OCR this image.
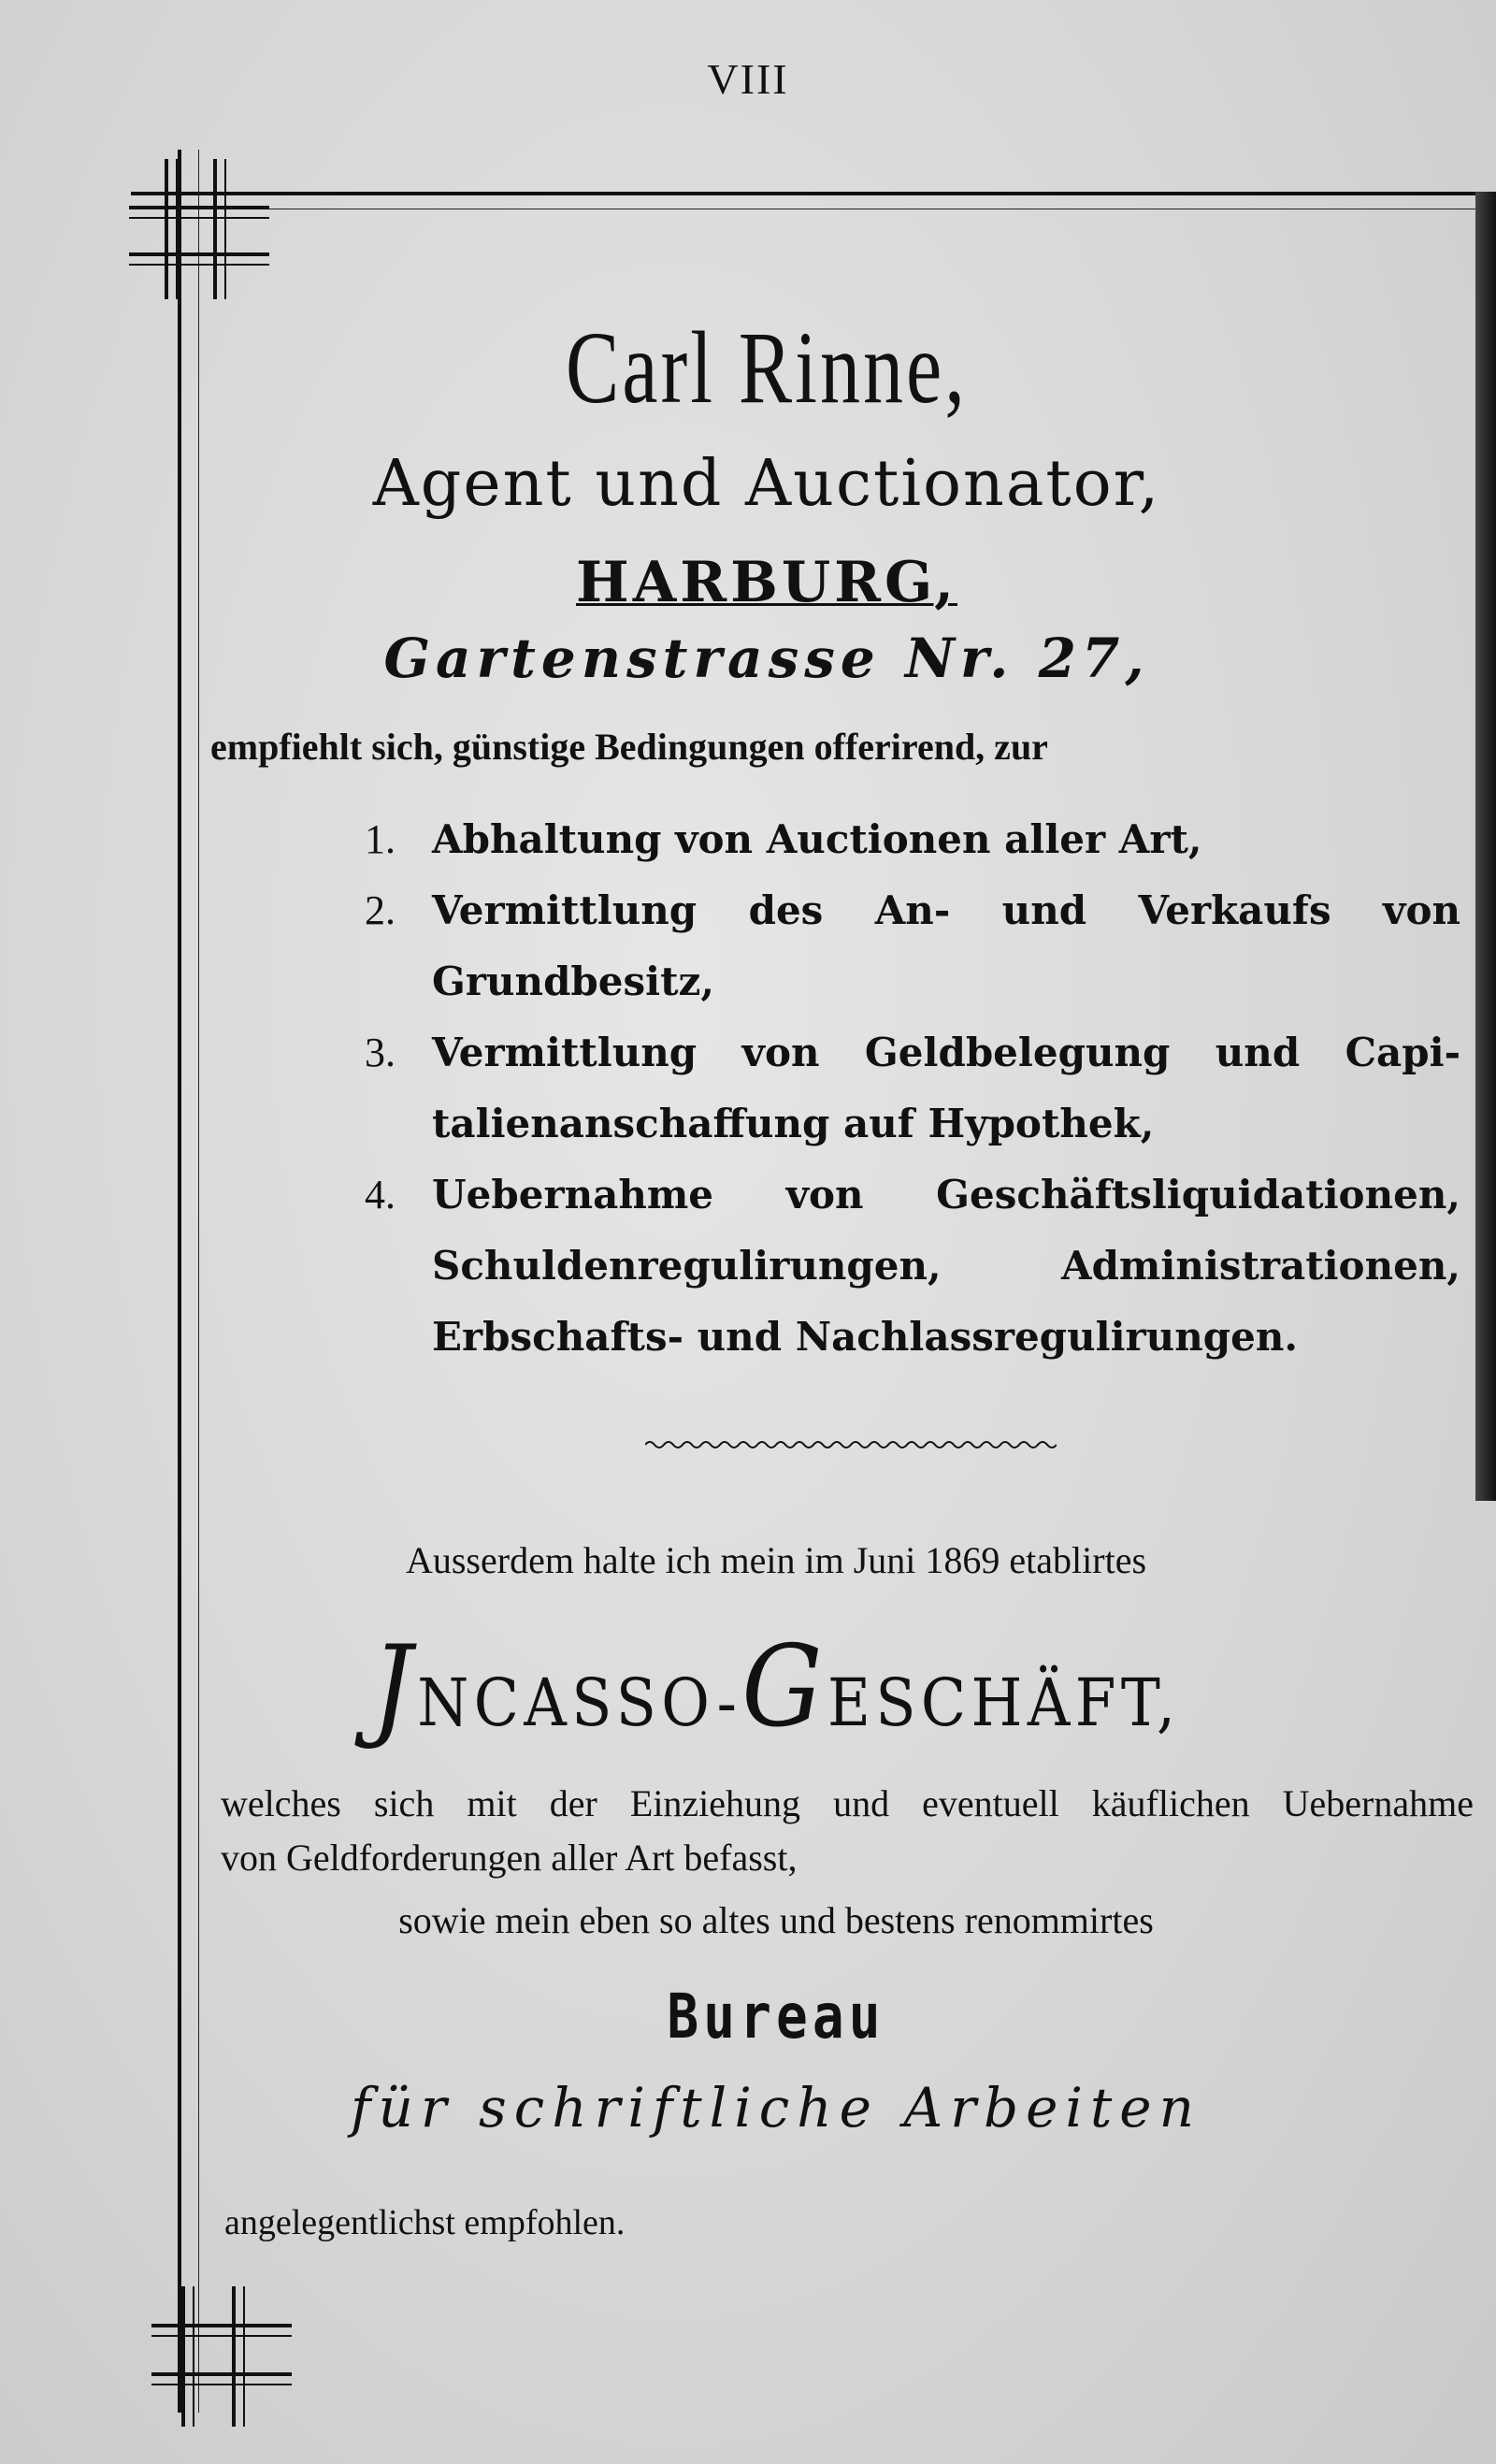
VIII
Carl Rinne,
Agent und Auctionator,
HARBURG,
Gartenstrasse Nr. 27,
empfiehlt sich, günstige Bedingungen offerirend, zur
1. Abhaltung von Auctionen aller Art,
2. Vermittlung des An- und Verkaufs von
Grundbesitz,
3. Vermittlung von Geldbelegung und Capi-
talienanschaffung auf Hypothek,
4. Uebernahme von Geschäftsliquidationen,
Schuldenregulirungen, Administrationen,
Erbschafts- und Nachlassregulirungen.
Ausserdem halte ich mein im Juni 1869 etablirtes
JNCASSO-GESCHÄFT,
welches sich mit der Einziehung und eventuell käuflichen Uebernahme
von Geldforderungen aller Art befasst,
sowie mein eben so altes und bestens renommirtes
Bureau
für schriftliche Arbeiten
angelegentlichst empfohlen.
